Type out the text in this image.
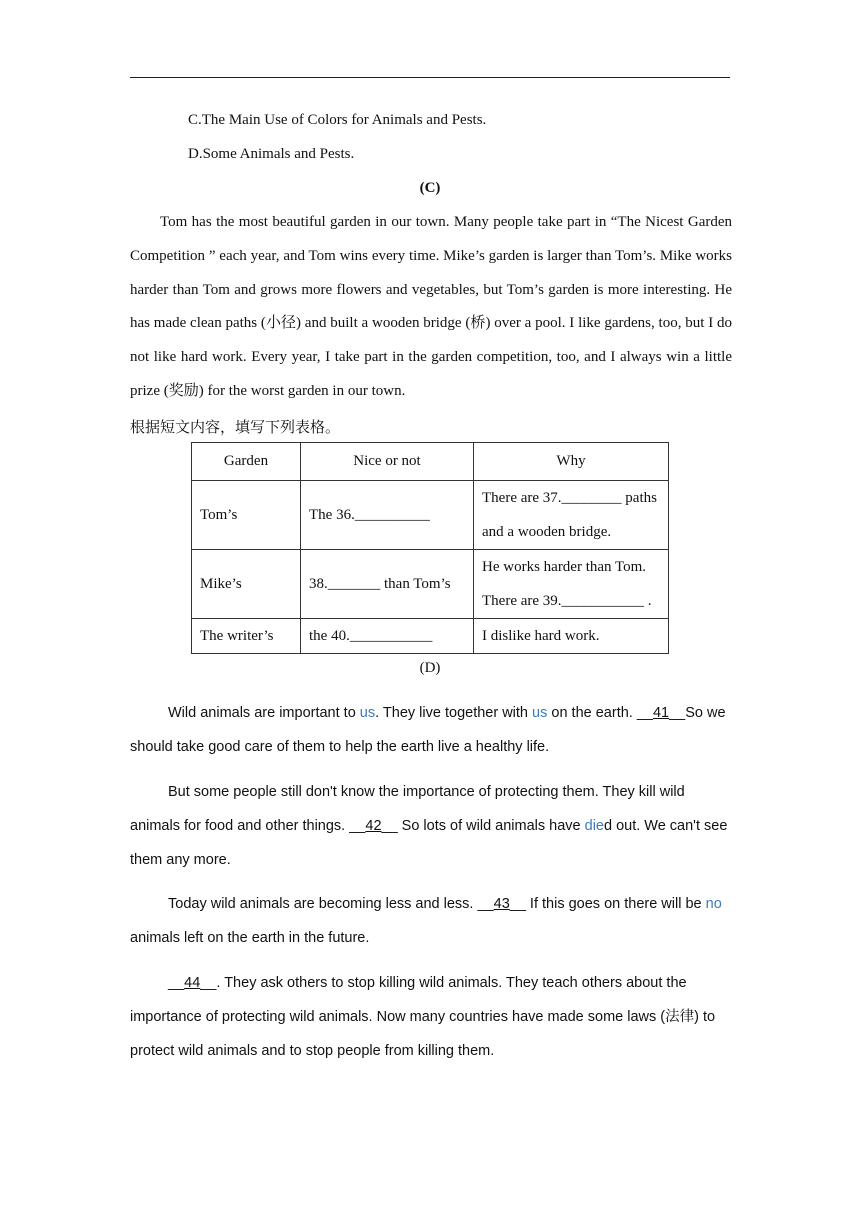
C.The Main Use of Colors for Animals and Pests.
D.Some Animals and Pests.
(C)
Tom has the most beautiful garden in our town. Many people take part in “The Nicest Garden Competition ” each year, and Tom wins every time. Mike’s garden is larger than Tom’s. Mike works harder than Tom and grows more flowers and vegetables, but Tom’s garden is more interesting. He has made clean paths (小径) and built a wooden bridge (桥) over a pool. I like gardens, too, but I do not like hard work. Every year, I take part in the garden competition, too, and I always win a little prize (奖励) for the worst garden in our town.
根据短文内容，填写下列表格。
Garden	Nice or not	Why
Tom’s	The 36.__________	There are 37.________ paths
and a wooden bridge.

Mike’s	38._______ than Tom’s	He works harder than Tom.
There are 39.___________ .

The writer’s	the 40.___________	I dislike hard work.
(D)
Wild animals are important to us. They live together with us on the earth. __41__So we should take good care of them to help the earth live a healthy life.
But some people still don't know the importance of protecting them. They kill wild animals for food and other things. __42__ So lots of wild animals have died out. We can't see them any more.
Today wild animals are becoming less and less. __43__ If this goes on there will be no animals left on the earth in the future.
__44__. They ask others to stop killing wild animals. They teach others about the importance of protecting wild animals. Now many countries have made some laws (法律) to protect wild animals and to stop people from killing them.
